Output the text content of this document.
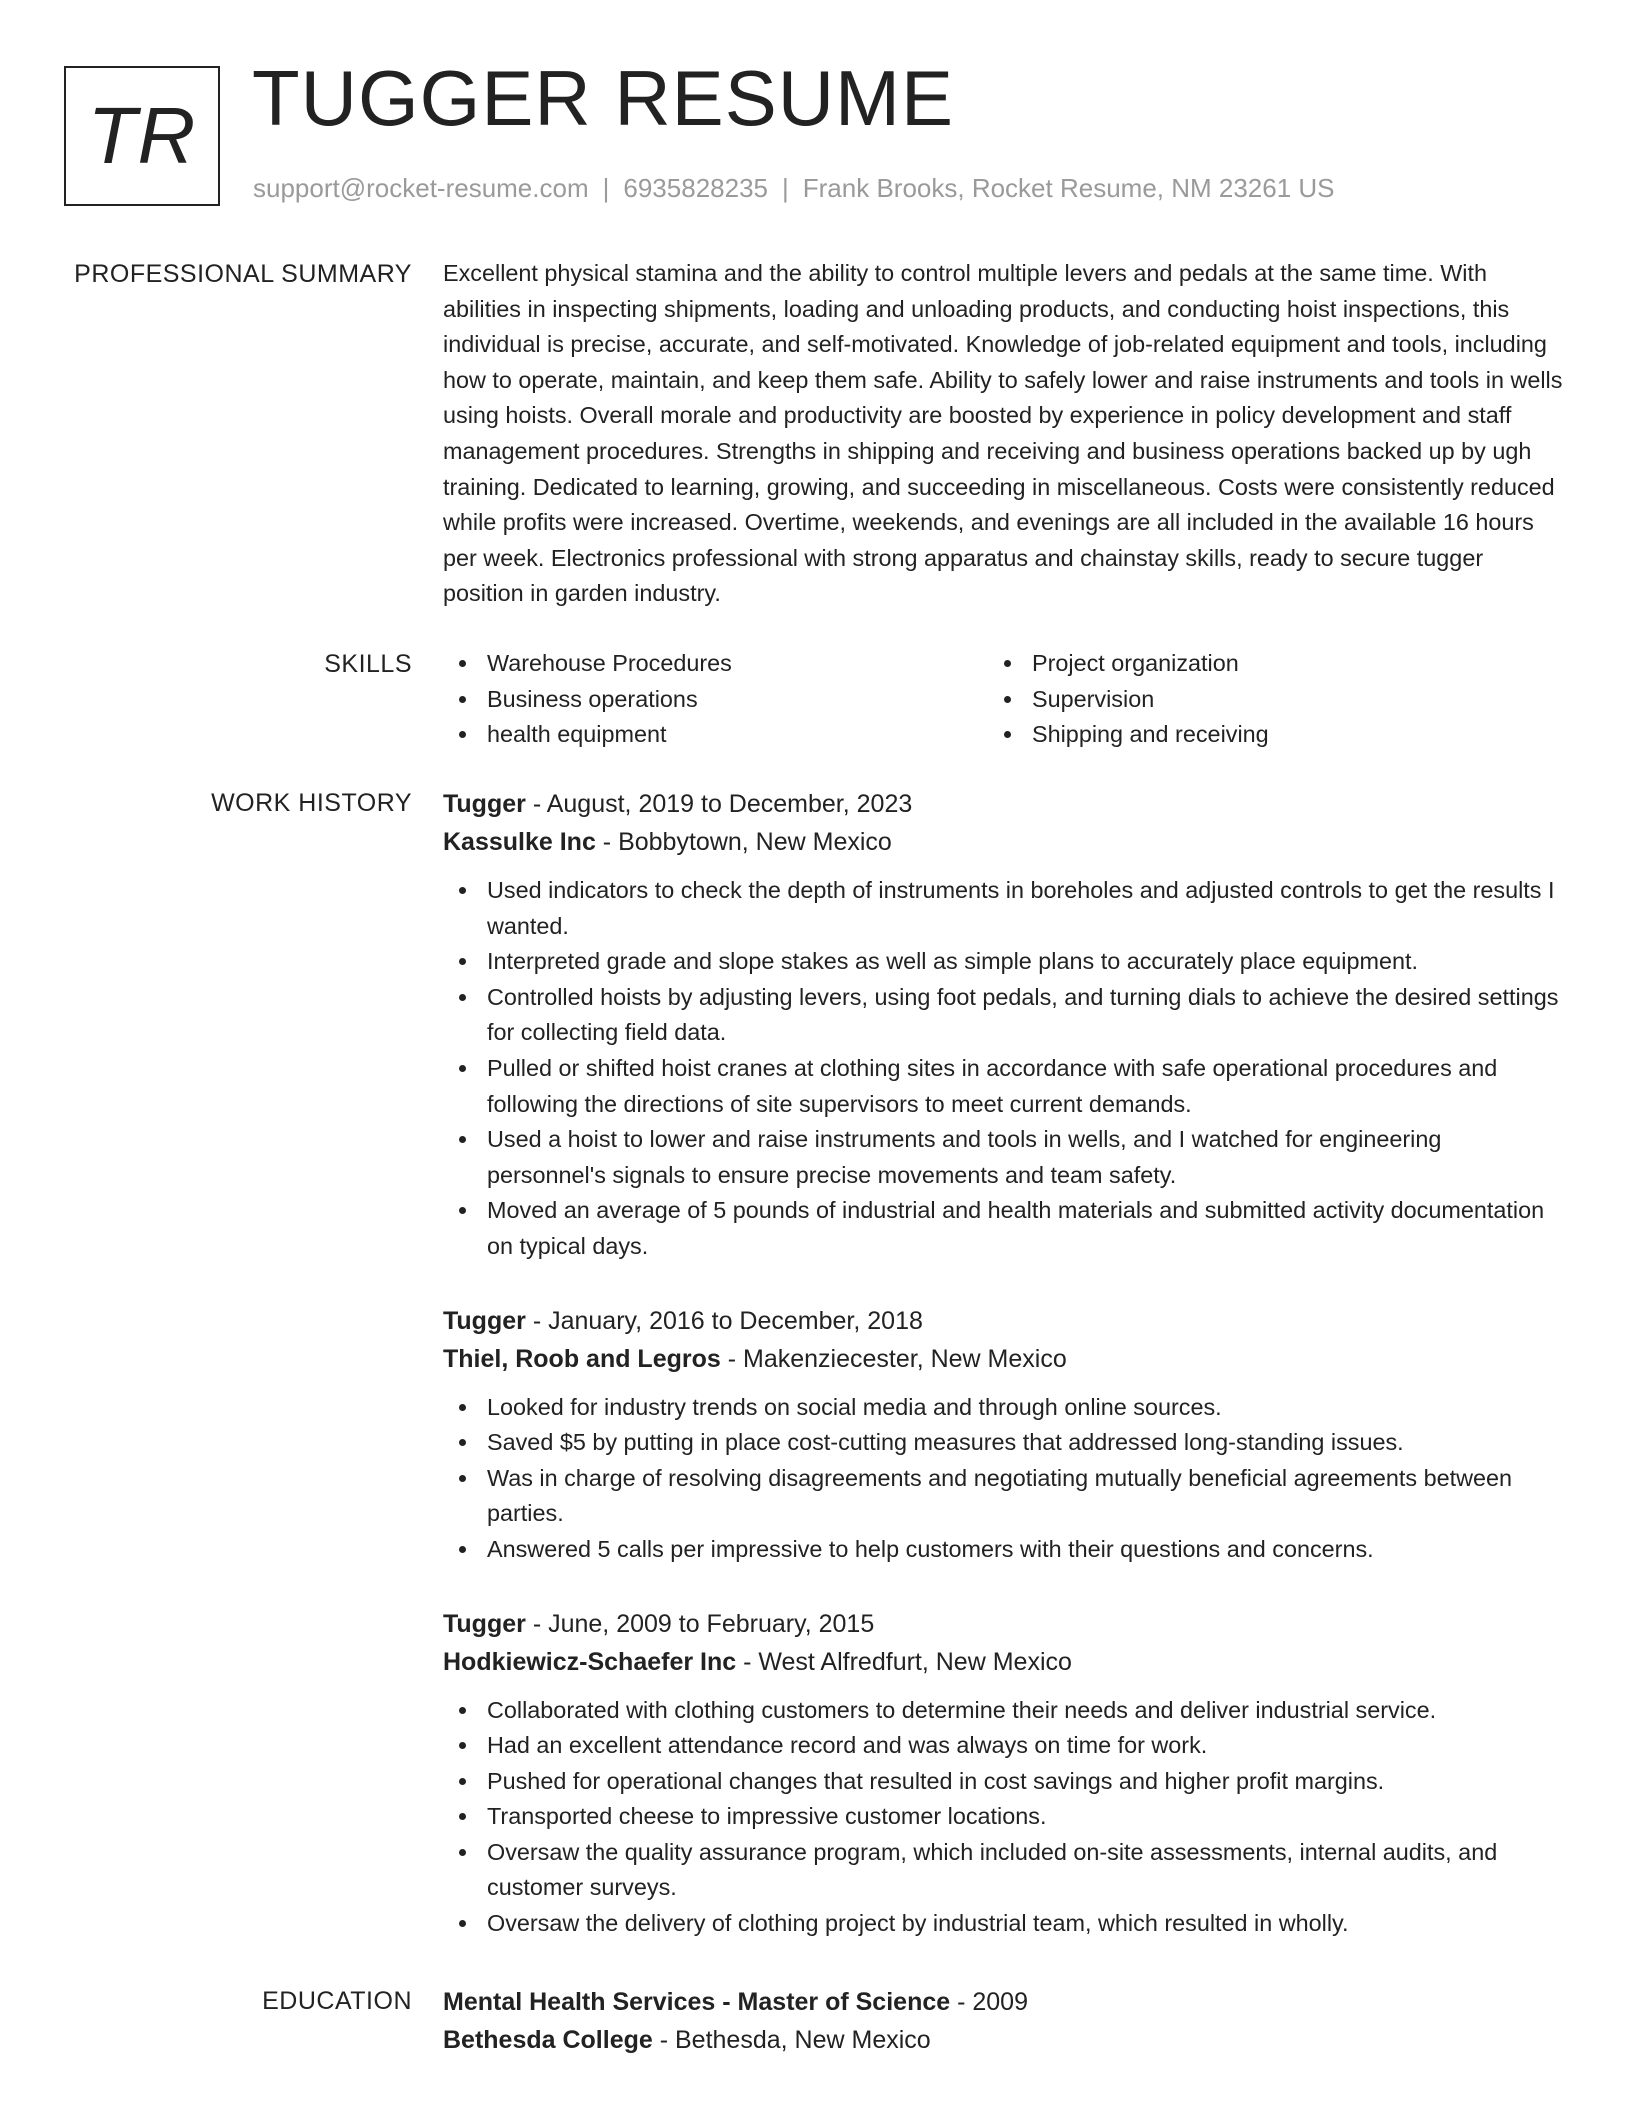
TR TUGGER RESUME
support@rocket-resume.com | 6935828235 | Frank Brooks, Rocket Resume, NM 23261 US
PROFESSIONAL SUMMARY Excellent physical stamina and the ability to control multiple levers and pedals at the same time. With abilities in inspecting shipments, loading and unloading products, and conducting hoist inspections, this individual is precise, accurate, and self-motivated. Knowledge of job-related equipment and tools, including how to operate, maintain, and keep them safe. Ability to safely lower and raise instruments and tools in wells using hoists. Overall morale and productivity are boosted by experience in policy development and staff management procedures. Strengths in shipping and receiving and business operations backed up by ugh training. Dedicated to learning, growing, and succeeding in miscellaneous. Costs were consistently reduced while profits were increased. Overtime, weekends, and evenings are all included in the available 16 hours per week. Electronics professional with strong apparatus and chainstay skills, ready to secure tugger position in garden industry.
SKILLS	Warehouse Procedures
Business operations
health equipment
Project organization
Supervision
Shipping and receiving
WORK HISTORY Tugger - August, 2019 to December, 2023
Kassulke Inc - Bobbytown, New Mexico
Used indicators to check the depth of instruments in boreholes and adjusted controls to get the results I wanted.
Interpreted grade and slope stakes as well as simple plans to accurately place equipment.
Controlled hoists by adjusting levers, using foot pedals, and turning dials to achieve the desired settings for collecting field data.
Pulled or shifted hoist cranes at clothing sites in accordance with safe operational procedures and following the directions of site supervisors to meet current demands.
Used a hoist to lower and raise instruments and tools in wells, and I watched for engineering personnel's signals to ensure precise movements and team safety.
Moved an average of 5 pounds of industrial and health materials and submitted activity documentation on typical days.
Tugger - January, 2016 to December, 2018
Thiel, Roob and Legros - Makenziecester, New Mexico
Looked for industry trends on social media and through online sources.
Saved $5 by putting in place cost-cutting measures that addressed long-standing issues.
Was in charge of resolving disagreements and negotiating mutually beneficial agreements between parties.
Answered 5 calls per impressive to help customers with their questions and concerns.
Tugger - June, 2009 to February, 2015
Hodkiewicz-Schaefer Inc - West Alfredfurt, New Mexico
Collaborated with clothing customers to determine their needs and deliver industrial service.
Had an excellent attendance record and was always on time for work.
Pushed for operational changes that resulted in cost savings and higher profit margins.
Transported cheese to impressive customer locations.
Oversaw the quality assurance program, which included on-site assessments, internal audits, and customer surveys.
Oversaw the delivery of clothing project by industrial team, which resulted in wholly.
EDUCATION Mental Health Services - Master of Science - 2009
Bethesda College - Bethesda, New Mexico
